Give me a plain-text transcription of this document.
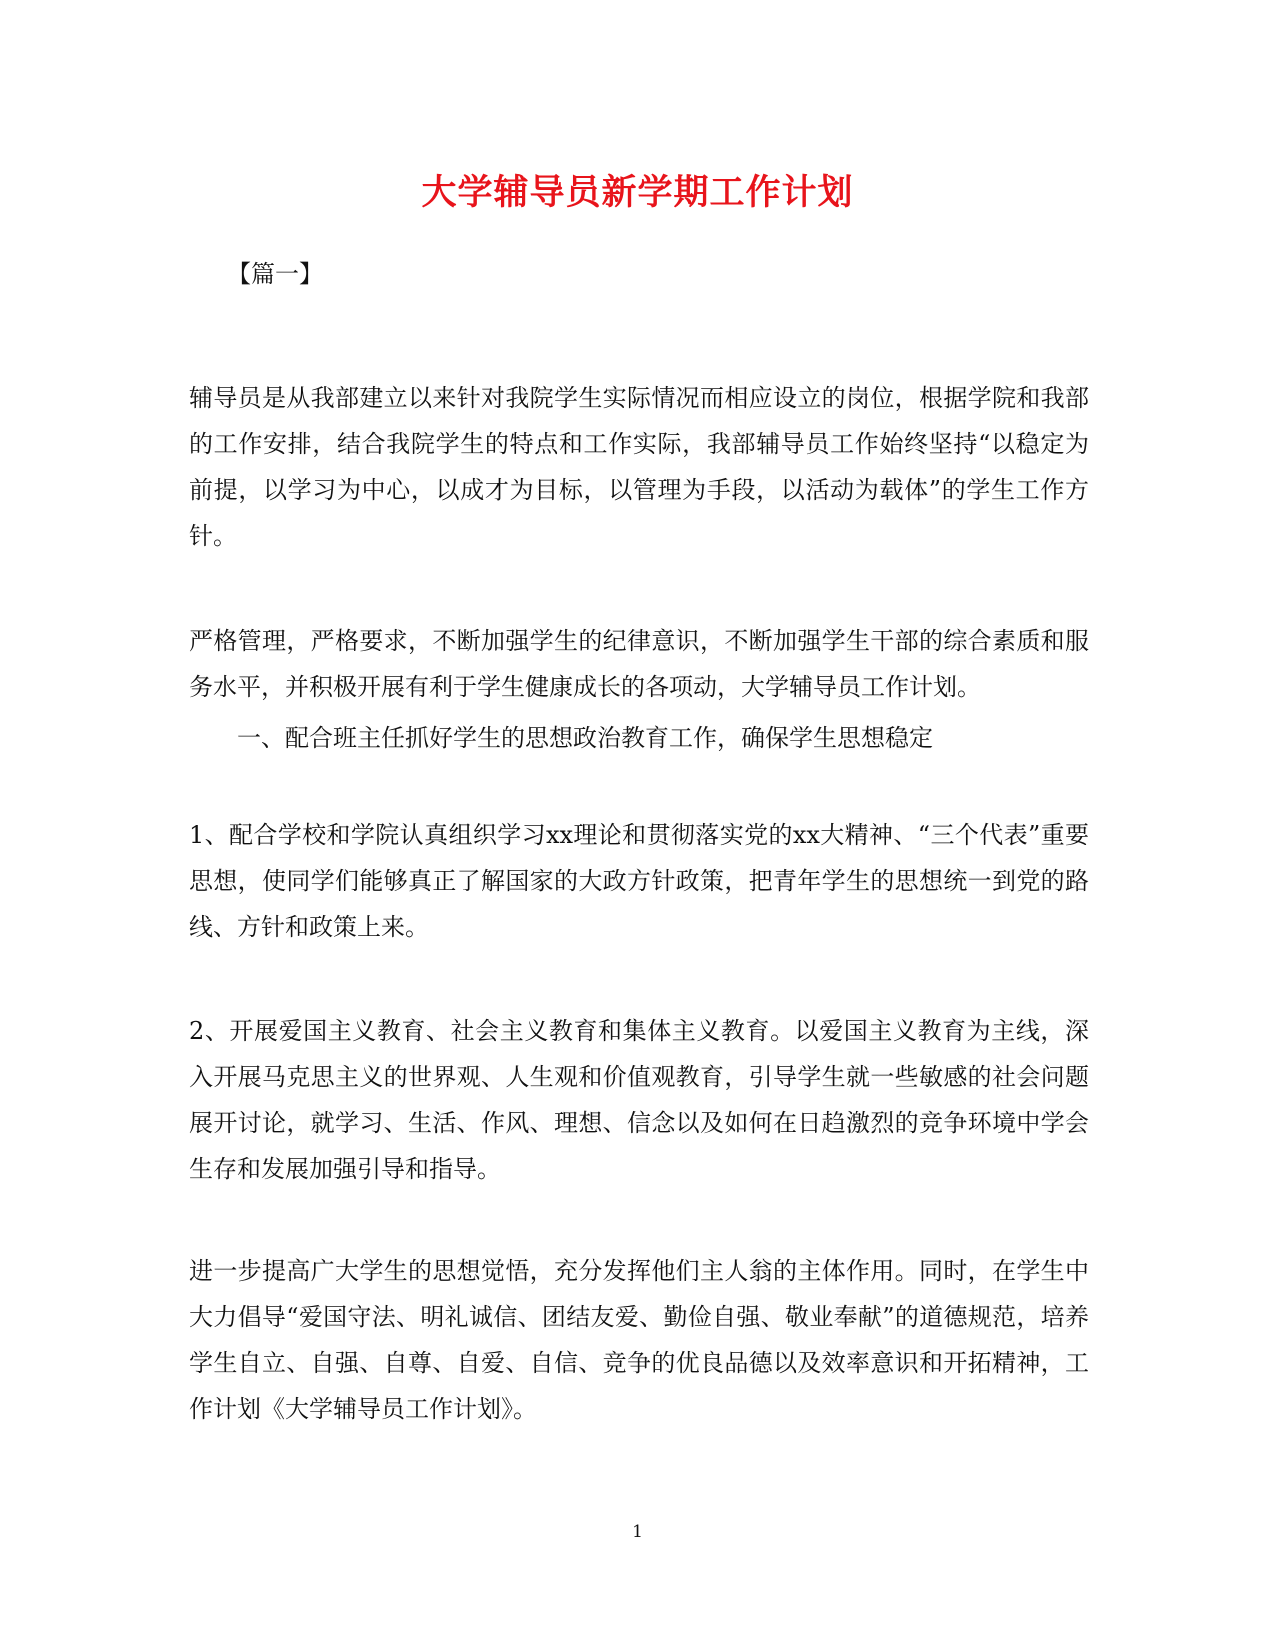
大学辅导员新学期工作计划
【篇一】

辅导员是从我部建立以来针对我院学生实际情况而相应设立的岗位，根据学院和我部的工作安排，结合我院学生的特点和工作实际，我部辅导员工作始终坚持“以稳定为前提，以学习为中心，以成才为目标，以管理为手段，以活动为载体”的学生工作方针。

严格管理，严格要求，不断加强学生的纪律意识，不断加强学生干部的综合素质和服务水平，并积极开展有利于学生健康成长的各项动，大学辅导员工作计划。

一、配合班主任抓好学生的思想政治教育工作，确保学生思想稳定

1、配合学校和学院认真组织学习xx理论和贯彻落实党的xx大精神、“三个代表”重要思想，使同学们能够真正了解国家的大政方针政策，把青年学生的思想统一到党的路线、方针和政策上来。

2、开展爱国主义教育、社会主义教育和集体主义教育。以爱国主义教育为主线，深入开展马克思主义的世界观、人生观和价值观教育，引导学生就一些敏感的社会问题展开讨论，就学习、生活、作风、理想、信念以及如何在日趋激烈的竞争环境中学会生存和发展加强引导和指导。

进一步提高广大学生的思想觉悟，充分发挥他们主人翁的主体作用。同时，在学生中大力倡导“爱国守法、明礼诚信、团结友爱、勤俭自强、敬业奉献”的道德规范，培养学生自立、自强、自尊、自爱、自信、竞争的优良品德以及效率意识和开拓精神，工作计划《大学辅导员工作计划》。

1
